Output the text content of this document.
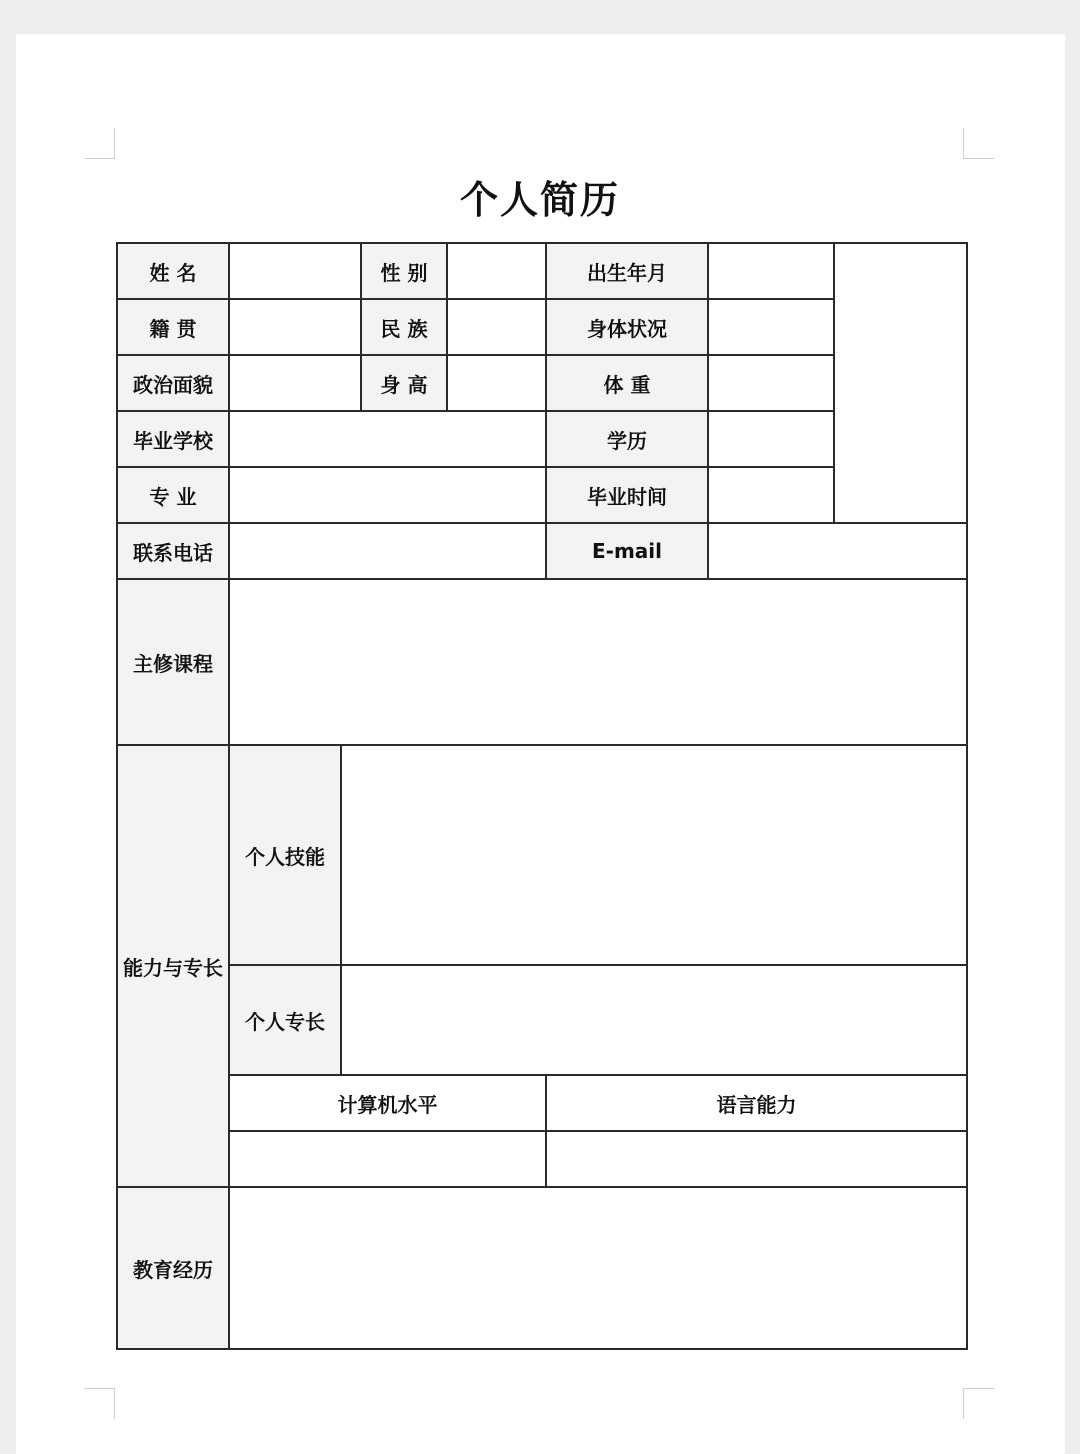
个人简历
姓 名			性 别		出生年月		
籍 贯			民 族		身体状况		
政治面貌			身 高		体 重		
毕业学校					学历		
专 业					毕业时间		
联系电话					E-mail		
主修课程							
能力与专长	个人技能						
	个人专长						
	计算机水平				语言能力		

教育经历							
